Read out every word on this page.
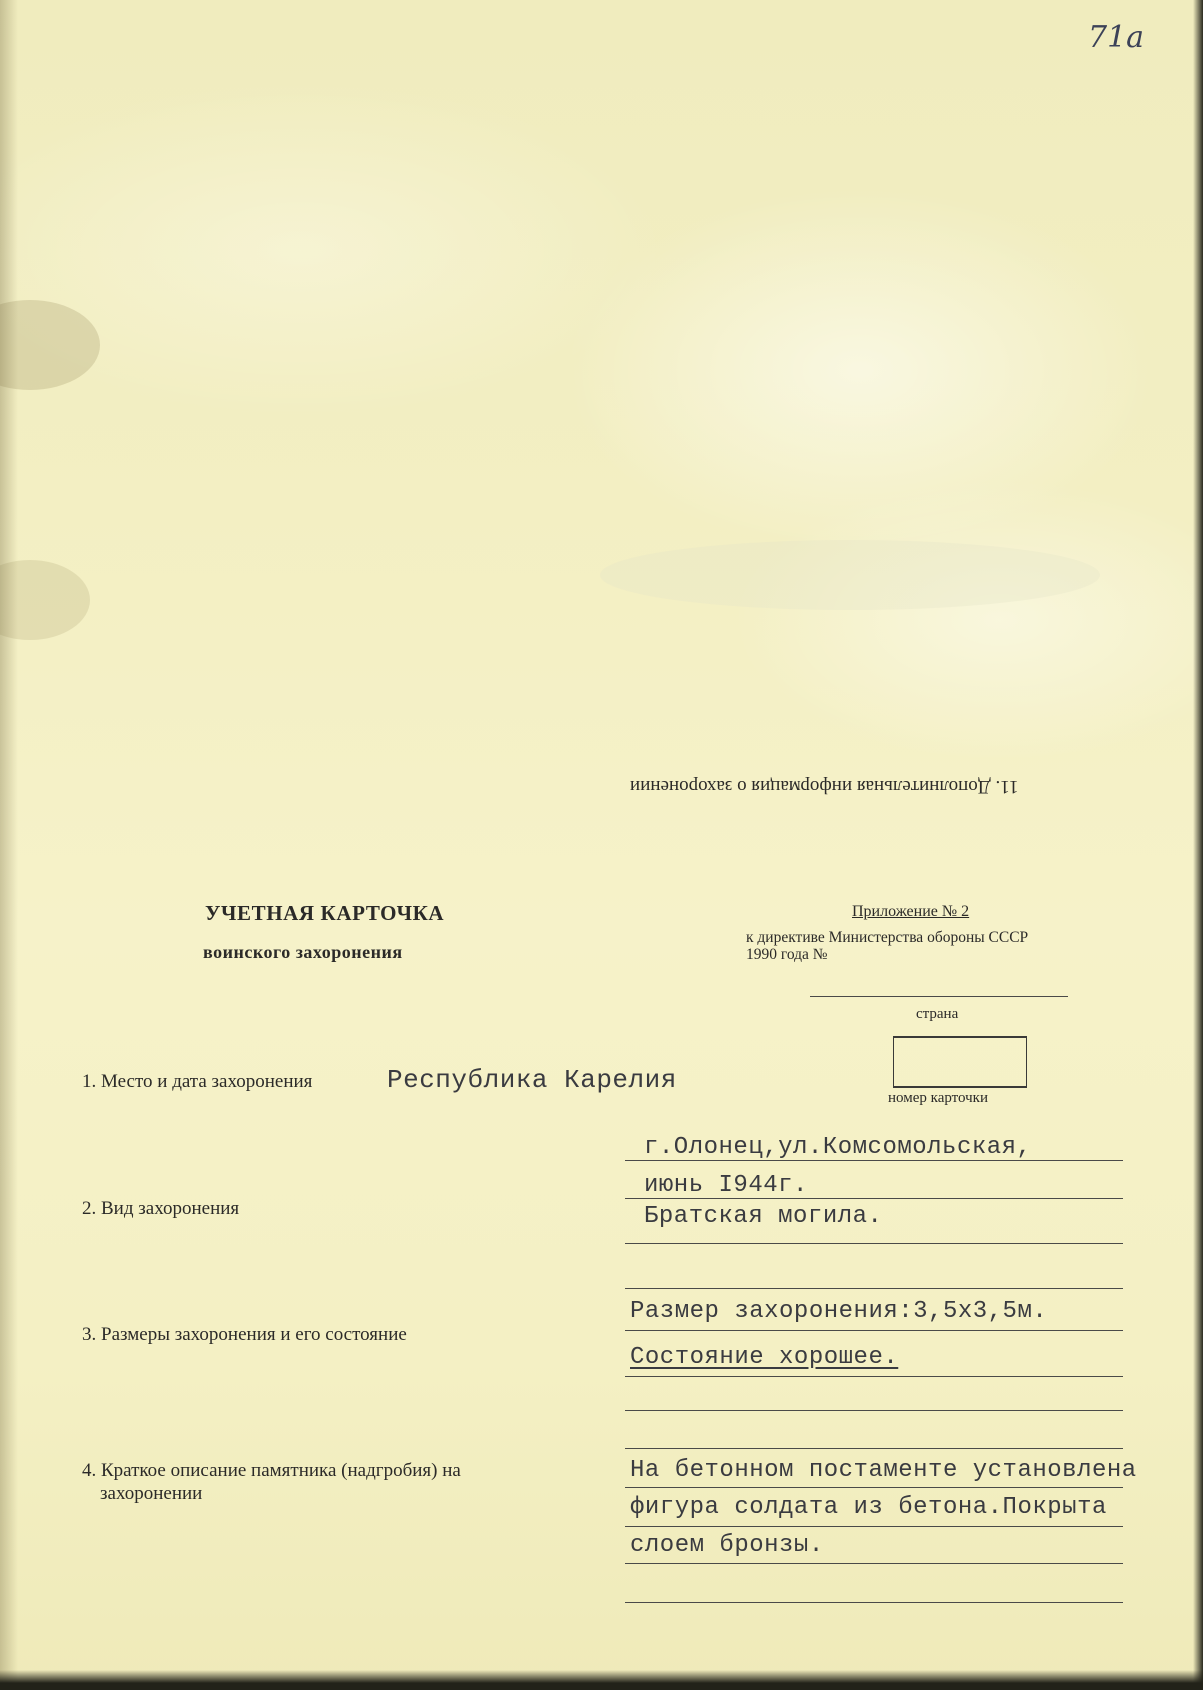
71а
11. Дополнительная информация о захоронении
УЧЕТНАЯ КАРТОЧКА
воинского захоронения
Приложение № 2
к директиве Министерства обороны СССР
1990 года №
страна
номер карточки
1. Место и дата захоронения	Республика Карелия
г.Олонец,ул.Комсомольская,
июнь I944г.
2. Вид захоронения	Братская могила.
3. Размеры захоронения и его состояние
Размер захоронения:3,5х3,5м.
Состояние хорошее.
4. Краткое описание памятника (надгробия) на
захоронении
На бетонном постаменте установлена
фигура солдата из бетона.Покрыта
слоем бронзы.
